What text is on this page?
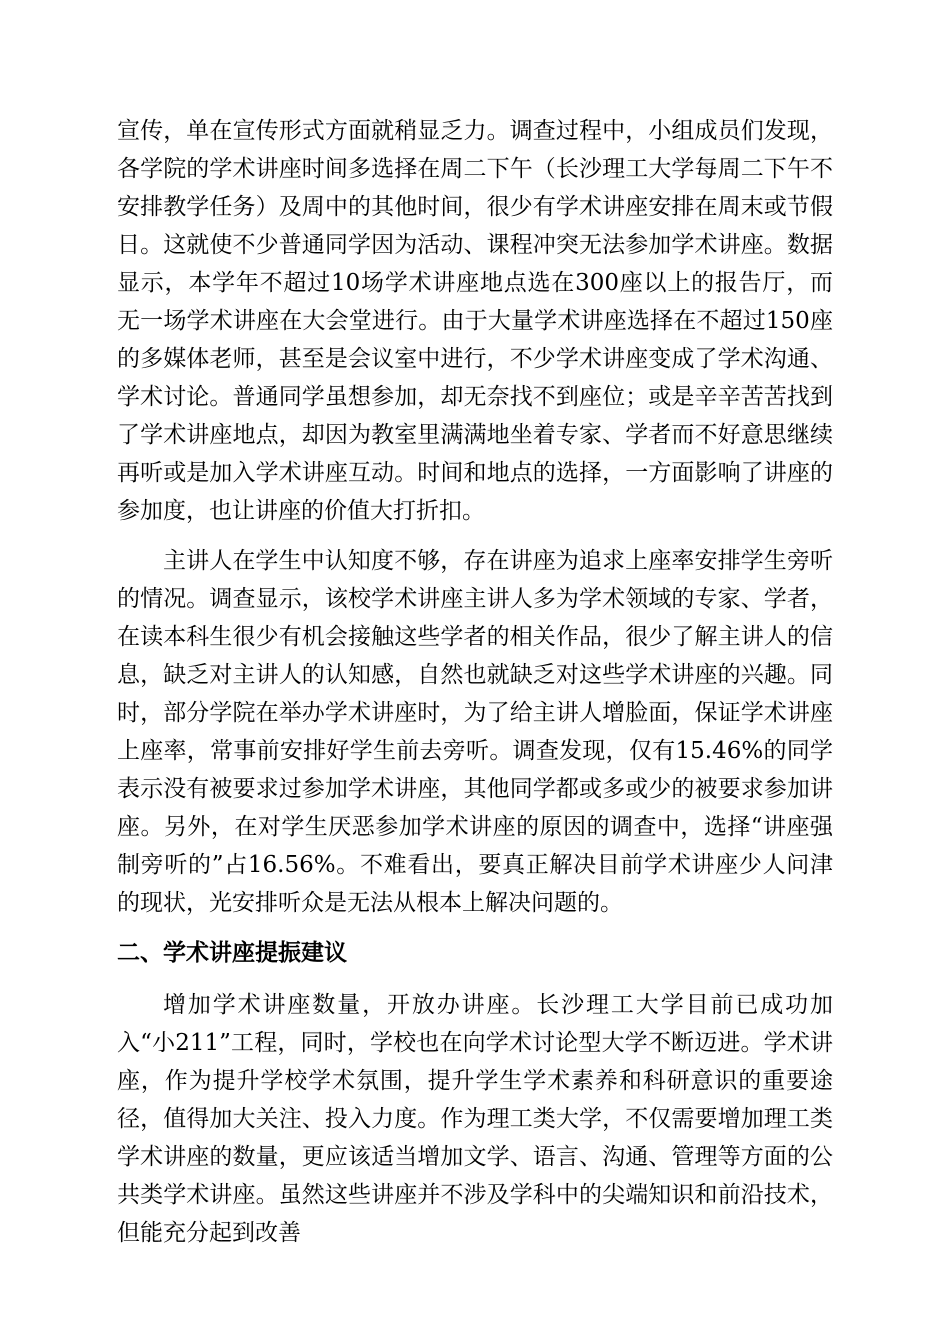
宣传，单在宣传形式方面就稍显乏力。调查过程中，小组成员们发现，各学院的学术讲座时间多选择在周二下午（长沙理工大学每周二下午不安排教学任务）及周中的其他时间，很少有学术讲座安排在周末或节假日。这就使不少普通同学因为活动、课程冲突无法参加学术讲座。数据显示，本学年不超过10场学术讲座地点选在300座以上的报告厅，而无一场学术讲座在大会堂进行。由于大量学术讲座选择在不超过150座的多媒体老师，甚至是会议室中进行，不少学术讲座变成了学术沟通、学术讨论。普通同学虽想参加，却无奈找不到座位；或是辛辛苦苦找到了学术讲座地点，却因为教室里满满地坐着专家、学者而不好意思继续再听或是加入学术讲座互动。时间和地点的选择，一方面影响了讲座的参加度，也让讲座的价值大打折扣。

主讲人在学生中认知度不够，存在讲座为追求上座率安排学生旁听的情况。调查显示，该校学术讲座主讲人多为学术领域的专家、学者，在读本科生很少有机会接触这些学者的相关作品，很少了解主讲人的信息，缺乏对主讲人的认知感，自然也就缺乏对这些学术讲座的兴趣。同时，部分学院在举办学术讲座时，为了给主讲人增脸面，保证学术讲座上座率，常事前安排好学生前去旁听。调查发现，仅有15.46%的同学表示没有被要求过参加学术讲座，其他同学都或多或少的被要求参加讲座。另外，在对学生厌恶参加学术讲座的原因的调查中，选择“讲座强制旁听的”占16.56%。不难看出，要真正解决目前学术讲座少人问津的现状，光安排听众是无法从根本上解决问题的。

二、学术讲座提振建议

增加学术讲座数量，开放办讲座。长沙理工大学目前已成功加入“小211”工程，同时，学校也在向学术讨论型大学不断迈进。学术讲座，作为提升学校学术氛围，提升学生学术素养和科研意识的重要途径，值得加大关注、投入力度。作为理工类大学，不仅需要增加理工类学术讲座的数量，更应该适当增加文学、语言、沟通、管理等方面的公共类学术讲座。虽然这些讲座并不涉及学科中的尖端知识和前沿技术，但能充分起到改善
